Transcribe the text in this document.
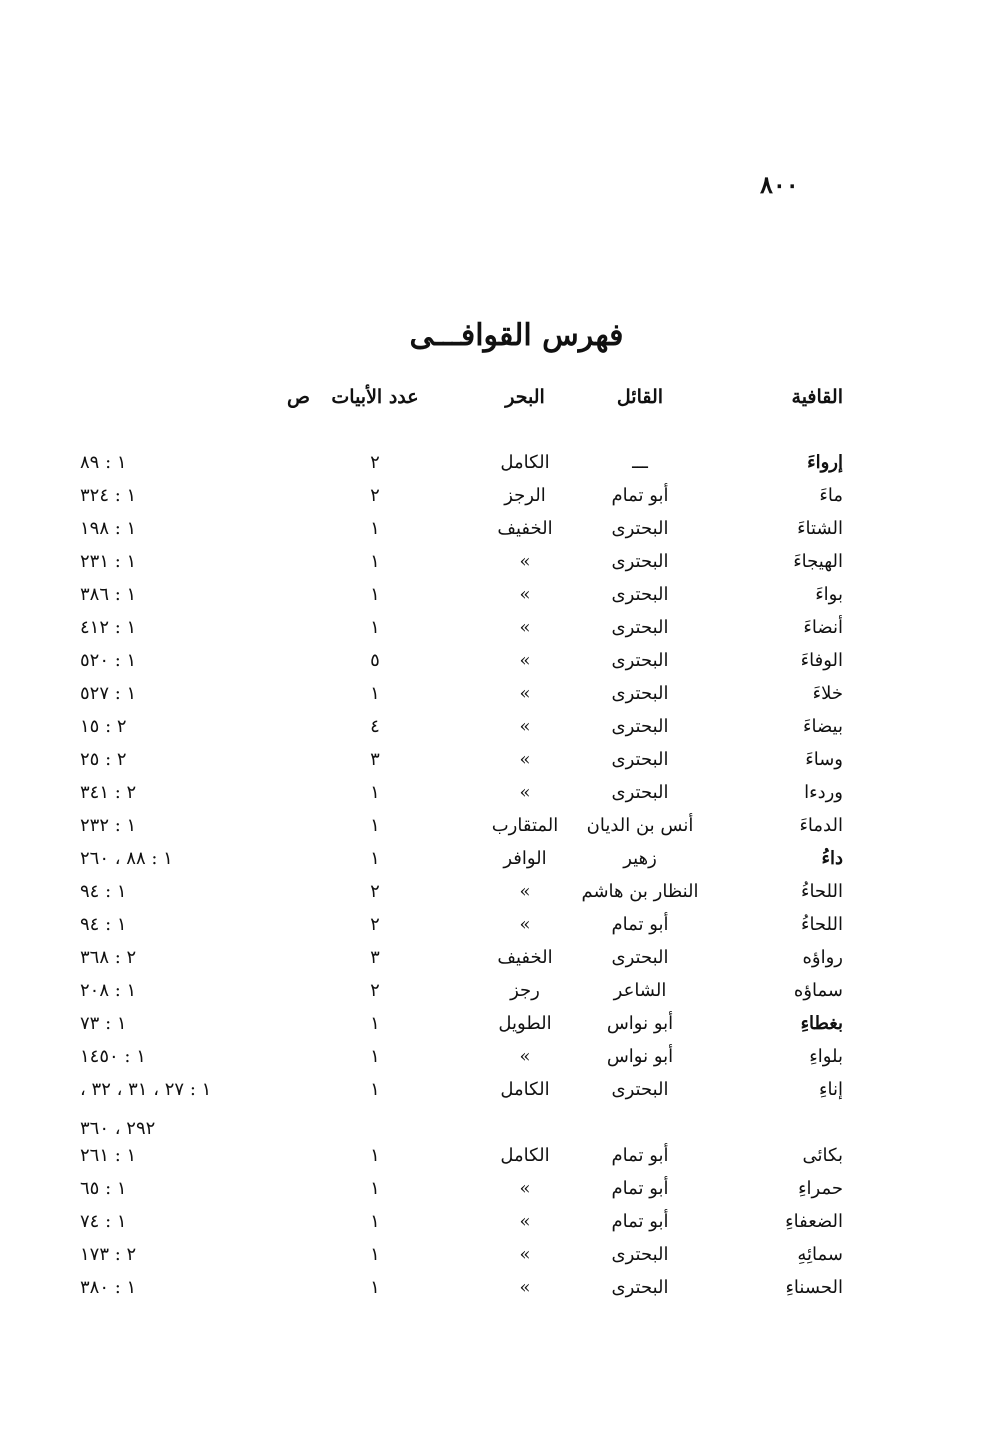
٨٠٠
فهرس القوافـــى
القافية
القائل
البحر
عدد الأبيات
ص
إرواءَ
ـــ
الكامل
٢
١ : ٨٩
ماءَ
أبو تمام
الرجز
٢
١ : ٣٢٤
الشتاءَ
البحترى
الخفيف
١
١ : ١٩٨
الهيجاءَ
البحترى
»
١
١ : ٢٣١
بواءَ
البحترى
»
١
١ : ٣٨٦
أنضاءَ
البحترى
»
١
١ : ٤١٢
الوفاءَ
البحترى
»
٥
١ : ٥٢٠
خلاءَ
البحترى
»
١
١ : ٥٢٧
بيضاءَ
البحترى
»
٤
٢ : ١٥
وساءَ
البحترى
»
٣
٢ : ٢٥
وردءا
البحترى
»
١
٢ : ٣٤١
الدماءَ
أنس بن الديان
المتقارب
١
١ : ٢٣٢
داءُ
زهير
الوافر
١
١ : ٨٨ ، ٢٦٠
اللحاءُ
النظار بن هاشم
»
٢
١ : ٩٤
اللحاءُ
أبو تمام
»
٢
١ : ٩٤
رواؤه
البحترى
الخفيف
٣
٢ : ٣٦٨
سماؤه
الشاعر
رجز
٢
١ : ٢٠٨
بغطاءِ
أبو نواس
الطويل
١
١ : ٧٣
بلواءِ
أبو نواس
»
١
١ : ١٤٥٠
إناءِ
البحترى
الكامل
١
١ : ٢٧ ، ٣١ ، ٣٢ ،
بكائى
أبو تمام
الكامل
١
١ : ٢٦١
حمراءِ
أبو تمام
»
١
١ : ٦٥
الضعفاءِ
أبو تمام
»
١
١ : ٧٤
سمائِهِ
البحترى
»
١
٢ : ١٧٣
الحسناءِ
البحترى
»
١
١ : ٣٨٠
٢٩٢ ، ٣٦٠
